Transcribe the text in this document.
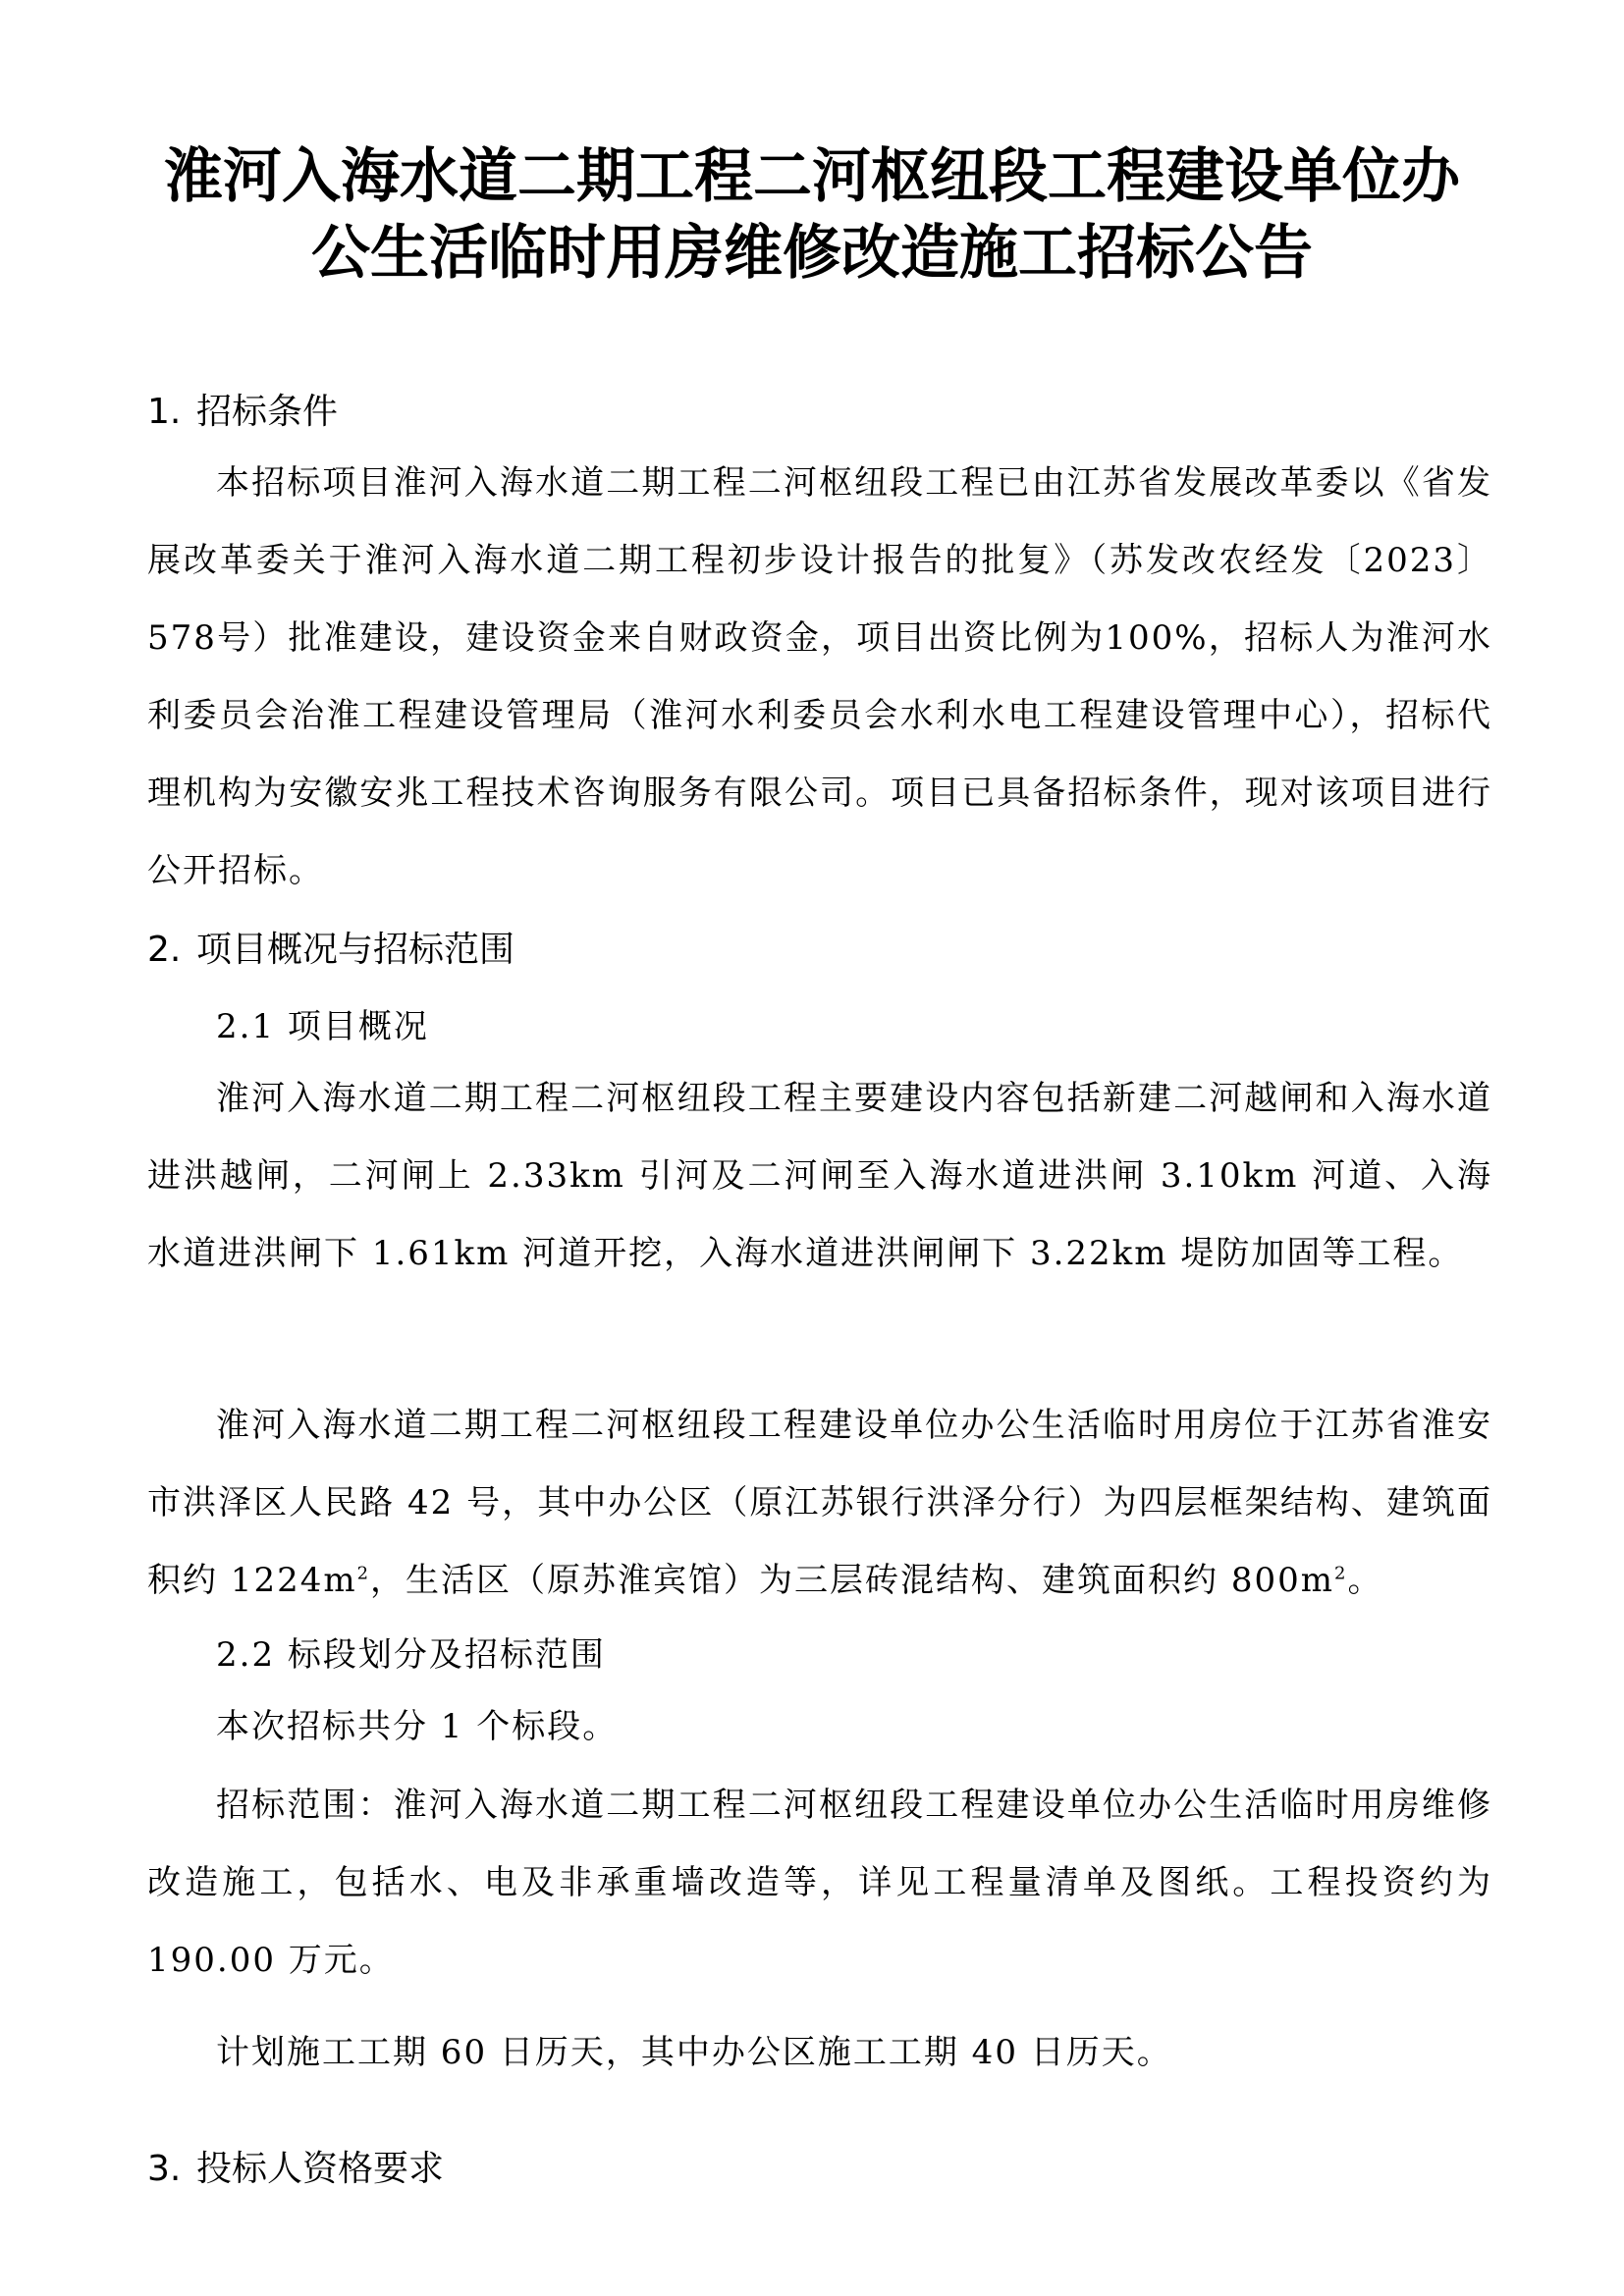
淮河入海水道二期工程二河枢纽段工程建设单位办
公生活临时用房维修改造施工招标公告
1. 招标条件
本招标项目淮河入海水道二期工程二河枢纽段工程已由江苏省发展改革委以《省发展改革委关于淮河入海水道二期工程初步设计报告的批复》（苏发改农经发〔2023〕578号）批准建设，建设资金来自财政资金，项目出资比例为100%，招标人为淮河水利委员会治淮工程建设管理局（淮河水利委员会水利水电工程建设管理中心），招标代理机构为安徽安兆工程技术咨询服务有限公司。项目已具备招标条件，现对该项目进行公开招标。
2. 项目概况与招标范围
2.1 项目概况
淮河入海水道二期工程二河枢纽段工程主要建设内容包括新建二河越闸和入海水道进洪越闸，二河闸上 2.33km 引河及二河闸至入海水道进洪闸 3.10km 河道、入海水道进洪闸下 1.61km 河道开挖，入海水道进洪闸闸下 3.22km 堤防加固等工程。
淮河入海水道二期工程二河枢纽段工程建设单位办公生活临时用房位于江苏省淮安市洪泽区人民路 42 号，其中办公区（原江苏银行洪泽分行）为四层框架结构、建筑面积约 $1224m^2$，生活区（原苏淮宾馆）为三层砖混结构、建筑面积约 $800m^2$。
2.2 标段划分及招标范围
本次招标共分 1 个标段。
招标范围：淮河入海水道二期工程二河枢纽段工程建设单位办公生活临时用房维修改造施工，包括水、电及非承重墙改造等，详见工程量清单及图纸。工程投资约为 190.00 万元。
计划施工工期 60 日历天，其中办公区施工工期 40 日历天。
3. 投标人资格要求
